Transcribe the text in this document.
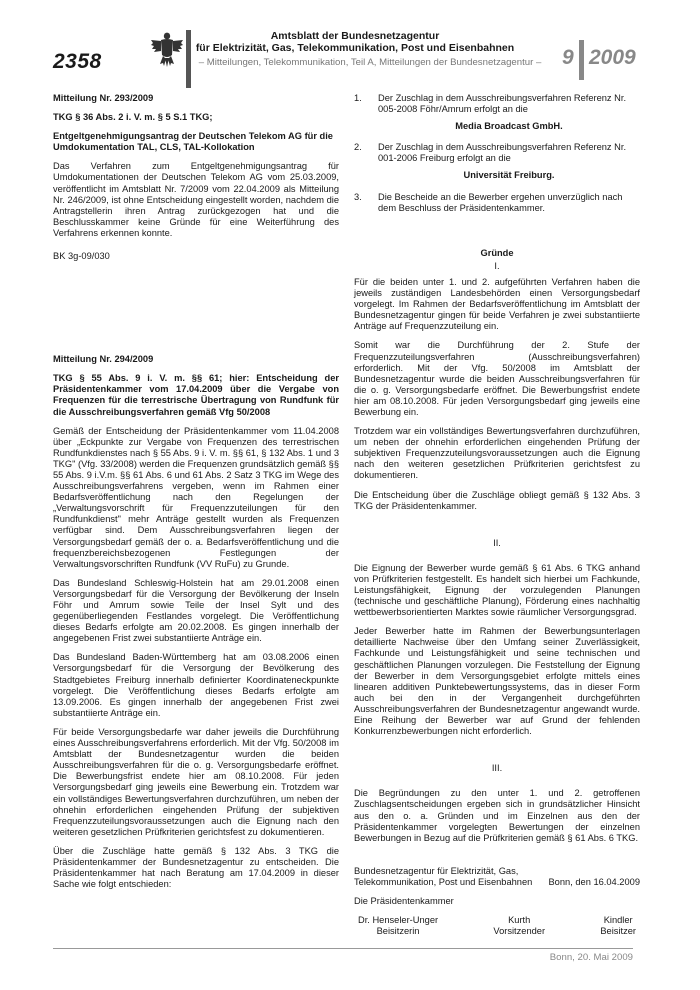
2358
Amtsblatt der Bundesnetzagentur
für Elektrizität, Gas, Telekommunikation, Post und Eisenbahnen
– Mitteilungen, Telekommunikation, Teil A, Mitteilungen der Bundesnetzagentur – 9 2009
Mitteilung Nr. 293/2009
TKG § 36 Abs. 2 i. V. m. § 5 S.1 TKG;
Entgeltgenehmigungsantrag der Deutschen Telekom AG für die Umdokumentation TAL, CLS, TAL-Kollokation
Das Verfahren zum Entgeltgenehmigungsantrag für Umdokumentationen der Deutschen Telekom AG vom 25.03.2009, veröffentlicht im Amtsblatt Nr. 7/2009 vom 22.04.2009 als Mitteilung Nr. 246/2009, ist ohne Entscheidung eingestellt worden, nachdem die Antragstellerin ihren Antrag zurückgezogen hat und die Beschlusskammer keine Gründe für eine Weiterführung des Verfahrens erkennen konnte.
BK 3g-09/030
Mitteilung Nr. 294/2009
TKG § 55 Abs. 9 i. V. m. §§ 61; hier: Entscheidung der Präsidentenkammer vom 17.04.2009 über die Vergabe von Frequenzen für die terrestrische Übertragung von Rundfunk für die Ausschreibungsverfahren gemäß Vfg 50/2008
Gemäß der Entscheidung der Präsidentenkammer vom 11.04.2008 über „Eckpunkte zur Vergabe von Frequenzen des terrestrischen Rundfunkdienstes nach § 55 Abs. 9 i. V. m. §§ 61, § 132 Abs. 1 und 3 TKG" (Vfg. 33/2008) werden die Frequenzen grundsätzlich gemäß §§ 55 Abs. 9 i.V.m. §§ 61 Abs. 6 und 61 Abs. 2 Satz 3 TKG im Wege des Ausschreibungsverfahrens vergeben, wenn im Rahmen einer Bedarfsveröffentlichung nach den Regelungen der „Verwaltungsvorschrift für Frequenzzuteilungen für den Rundfunkdienst" mehr Anträge gestellt wurden als Frequenzen verfügbar sind. Dem Ausschreibungsverfahren liegen der Versorgungsbedarf gemäß der o. a. Bedarfsveröffentlichung und die frequenzbereichsbezogenen Festlegungen der Verwaltungsvorschriften Rundfunk (VV RuFu) zu Grunde.
Das Bundesland Schleswig-Holstein hat am 29.01.2008 einen Versorgungsbedarf für die Versorgung der Bevölkerung der Inseln Föhr und Amrum sowie Teile der Insel Sylt und des gegenüberliegenden Festlandes vorgelegt. Die Veröffentlichung dieses Bedarfs erfolgte am 20.02.2008. Es gingen innerhalb der angegebenen Frist zwei substantiierte Anträge ein.
Das Bundesland Baden-Württemberg hat am 03.08.2006 einen Versorgungsbedarf für die Versorgung der Bevölkerung des Stadtgebietes Freiburg innerhalb definierter Koordinateneckpunkte vorgelegt. Die Veröffentlichung dieses Bedarfs erfolgte am 13.09.2006. Es gingen innerhalb der angegebenen Frist zwei substantiierte Anträge ein.
Für beide Versorgungsbedarfe war daher jeweils die Durchführung eines Ausschreibungsverfahrens erforderlich. Mit der Vfg. 50/2008 im Amtsblatt der Bundesnetzagentur wurden die beiden Ausschreibungsverfahren für die o. g. Versorgungsbedarfe eröffnet. Die Bewerbungsfrist endete hier am 08.10.2008. Für jeden Versorgungsbedarf ging jeweils eine Bewerbung ein. Trotzdem war ein vollständiges Bewertungsverfahren durchzuführen, um neben der ohnehin erforderlichen eingehenden Prüfung der subjektiven Frequenzzuteilungsvoraussetzungen auch die Eignung nach den weiteren gesetzlichen Prüfkriterien gerichtsfest zu dokumentieren.
Über die Zuschläge hatte gemäß § 132 Abs. 3 TKG die Präsidentenkammer der Bundesnetzagentur zu entscheiden. Die Präsidentenkammer hat nach Beratung am 17.04.2009 in dieser Sache wie folgt entschieden:
1.	Der Zuschlag in dem Ausschreibungsverfahren Referenz Nr. 005-2008 Föhr/Amrum erfolgt an die
Media Broadcast GmbH.
2.	Der Zuschlag in dem Ausschreibungsverfahren Referenz Nr. 001-2006 Freiburg erfolgt an die
Universität Freiburg.
3.	Die Bescheide an die Bewerber ergehen unverzüglich nach dem Beschluss der Präsidentenkammer.
Gründe
I.
Für die beiden unter 1. und 2. aufgeführten Verfahren haben die jeweils zuständigen Landesbehörden einen Versorgungsbedarf vorgelegt. Im Rahmen der Bedarfsveröffentlichung im Amtsblatt der Bundesnetzagentur gingen für beide Verfahren je zwei substantiierte Anträge auf Frequenzzuteilung ein.
Somit war die Durchführung der 2. Stufe der Frequenzzuteilungsverfahren (Ausschreibungsverfahren) erforderlich. Mit der Vfg. 50/2008 im Amtsblatt der Bundesnetzagentur wurde die beiden Ausschreibungsverfahren für die o. g. Versorgungsbedarfe eröffnet. Die Bewerbungsfrist endete hier am 08.10.2008. Für jeden Versorgungsbedarf ging jeweils eine Bewerbung ein.
Trotzdem war ein vollständiges Bewertungsverfahren durchzuführen, um neben der ohnehin erforderlichen eingehenden Prüfung der subjektiven Frequenzzuteilungsvoraussetzungen auch die Eignung nach den weiteren gesetzlichen Prüfkriterien gerichtsfest zu dokumentieren.
Die Entscheidung über die Zuschläge obliegt gemäß § 132 Abs. 3 TKG der Präsidentenkammer.
II.
Die Eignung der Bewerber wurde gemäß § 61 Abs. 6 TKG anhand von Prüfkriterien festgestellt. Es handelt sich hierbei um Fachkunde, Leistungsfähigkeit, Eignung der vorzulegenden Planungen (technische und geschäftliche Planung), Förderung eines nachhaltig wettbewerbsorientierten Marktes sowie räumlicher Versorgungsgrad.
Jeder Bewerber hatte im Rahmen der Bewerbungsunterlagen detaillierte Nachweise über den Umfang seiner Zuverlässigkeit, Fachkunde und Leistungsfähigkeit und seine technischen und geschäftlichen Planungen vorzulegen. Die Feststellung der Eignung der Bewerber in dem Versorgungsgebiet erfolgte mittels eines linearen additiven Punktebewertungssystems, das in dieser Form auch bei den in der Vergangenheit durchgeführten Ausschreibungsverfahren der Bundesnetzagentur angewandt wurde. Eine Reihung der Bewerber war auf Grund der fehlenden Konkurrenzbewerbungen nicht erforderlich.
III.
Die Begründungen zu den unter 1. und 2. getroffenen Zuschlagsentscheidungen ergeben sich in grundsätzlicher Hinsicht aus den o. a. Gründen und im Einzelnen aus den der Präsidentenkammer vorgelegten Bewertungen der einzelnen Bewerbungen in Bezug auf die Prüfkriterien gemäß § 61 Abs. 6 TKG.
Bundesnetzagentur für Elektrizität, Gas,
Telekommunikation, Post und Eisenbahnen Bonn, den 16.04.2009
Die Präsidentenkammer
Dr. Henseler-Unger
Beisitzerin
Kurth
Vorsitzender
Kindler
Beisitzer
Bonn, 20. Mai 2009
